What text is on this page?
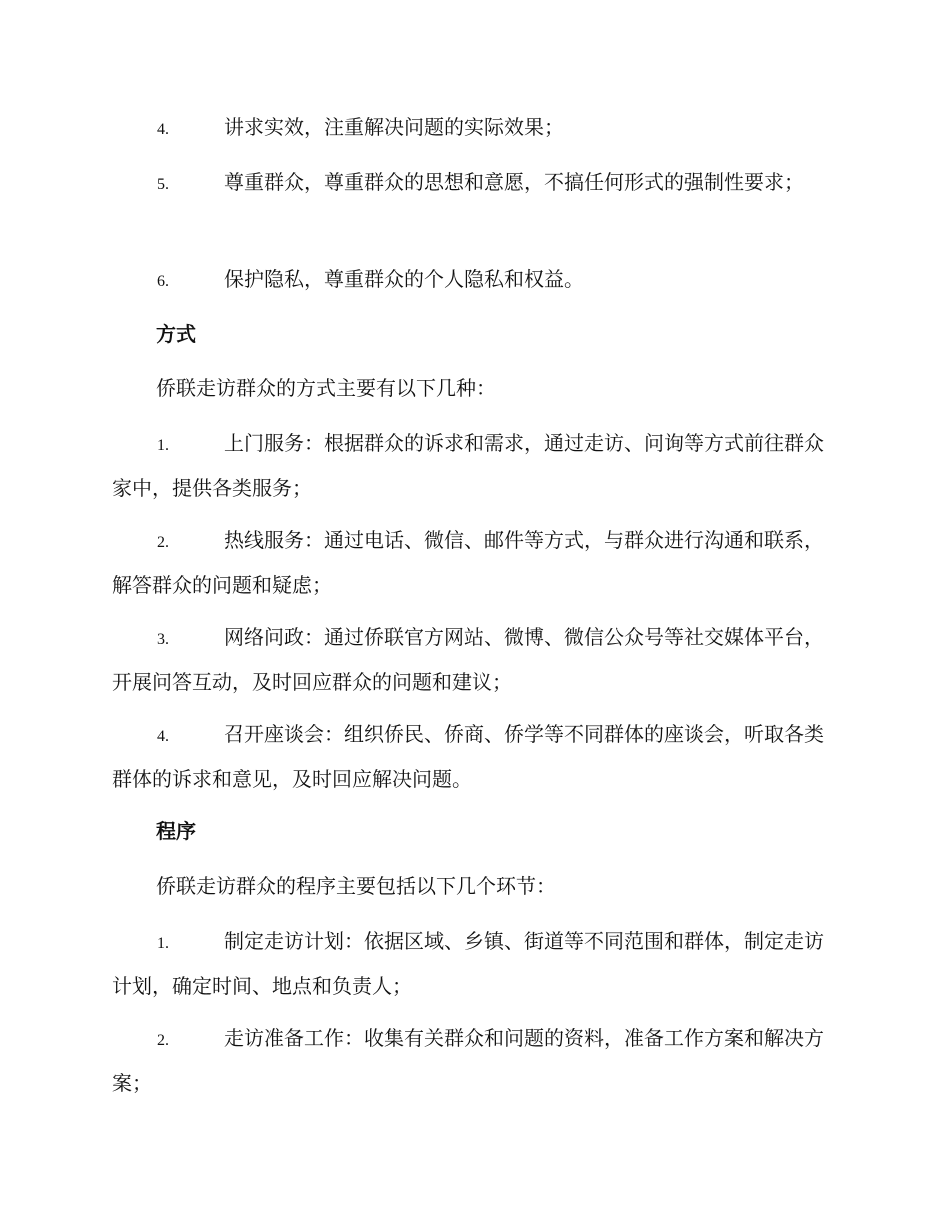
4.	讲求实效，注重解决问题的实际效果；

5.	尊重群众，尊重群众的思想和意愿，不搞任何形式的强制性要求；

6.	保护隐私，尊重群众的个人隐私和权益。

方式

侨联走访群众的方式主要有以下几种：

1.	上门服务：根据群众的诉求和需求，通过走访、问询等方式前往群众家中，提供各类服务；

2.	热线服务：通过电话、微信、邮件等方式，与群众进行沟通和联系，解答群众的问题和疑虑；

3.	网络问政：通过侨联官方网站、微博、微信公众号等社交媒体平台，开展问答互动，及时回应群众的问题和建议；

4.	召开座谈会：组织侨民、侨商、侨学等不同群体的座谈会，听取各类群体的诉求和意见，及时回应解决问题。

程序

侨联走访群众的程序主要包括以下几个环节：

1.	制定走访计划：依据区域、乡镇、街道等不同范围和群体，制定走访计划，确定时间、地点和负责人；

2.	走访准备工作：收集有关群众和问题的资料，准备工作方案和解决方案；
